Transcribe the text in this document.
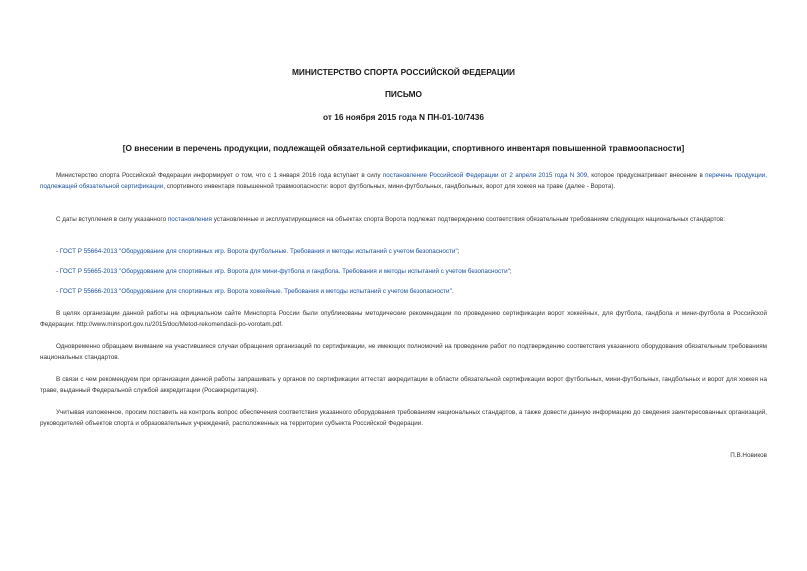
МИНИСТЕРСТВО СПОРТА РОССИЙСКОЙ ФЕДЕРАЦИИ
ПИСЬМО
от 16 ноября 2015 года N ПН-01-10/7436
[О внесении в перечень продукции, подлежащей обязательной сертификации, спортивного инвентаря повышенной травмоопасности]
Министерство спорта Российской Федерации информирует о том, что с 1 января 2016 года вступает в силу постановление Российской Федерации от 2 апреля 2015 года N 309, которое предусматривает внесение в перечень продукции, подлежащей обязательной сертификации, спортивного инвентаря повышенной травмоопасности: ворот футбольных, мини-футбольных, гандбольных, ворот для хоккея на траве (далее - Ворота).
С даты вступления в силу указанного постановления установленные и эксплуатирующиеся на объектах спорта Ворота подлежат подтверждению соответствия обязательным требованиям следующих национальных стандартов:
- ГОСТ Р 55664-2013 "Оборудование для спортивных игр. Ворота футбольные. Требования и методы испытаний с учетом безопасности";
- ГОСТ Р 55665-2013 "Оборудование для спортивных игр. Ворота для мини-футбола и гандбола. Требования и методы испытаний с учетом безопасности";
- ГОСТ Р 55666-2013 "Оборудование для спортивных игр. Ворота хоккейные. Требования и методы испытаний с учетом безопасности".
В целях организации данной работы на официальном сайте Минспорта России были опубликованы методические рекомендации по проведению сертификации ворот хоккейных, для футбола, гандбола и мини-футбола в Российской Федерации: http://www.minsport.gov.ru/2015/doc/Metod-rekomendacii-po-vorotam.pdf.
Одновременно обращаем внимание на участившиеся случаи обращения организаций по сертификации, не имеющих полномочий на проведение работ по подтверждению соответствия указанного оборудования обязательным требованиям национальных стандартов.
В связи с чем рекомендуем при организации данной работы запрашивать у органов по сертификации аттестат аккредитации в области обязательной сертификации ворот футбольных, мини-футбольных, гандбольных и ворот для хоккея на траве, выданный Федеральной службой аккредитации (Росаккредитация).
Учитывая изложенное, просим поставить на контроль вопрос обеспечения соответствия указанного оборудования требованиям национальных стандартов, а также довести данную информацию до сведения заинтересованных организаций, руководителей объектов спорта и образовательных учреждений, расположенных на территории субъекта Российской Федерации.
П.В.Новиков
